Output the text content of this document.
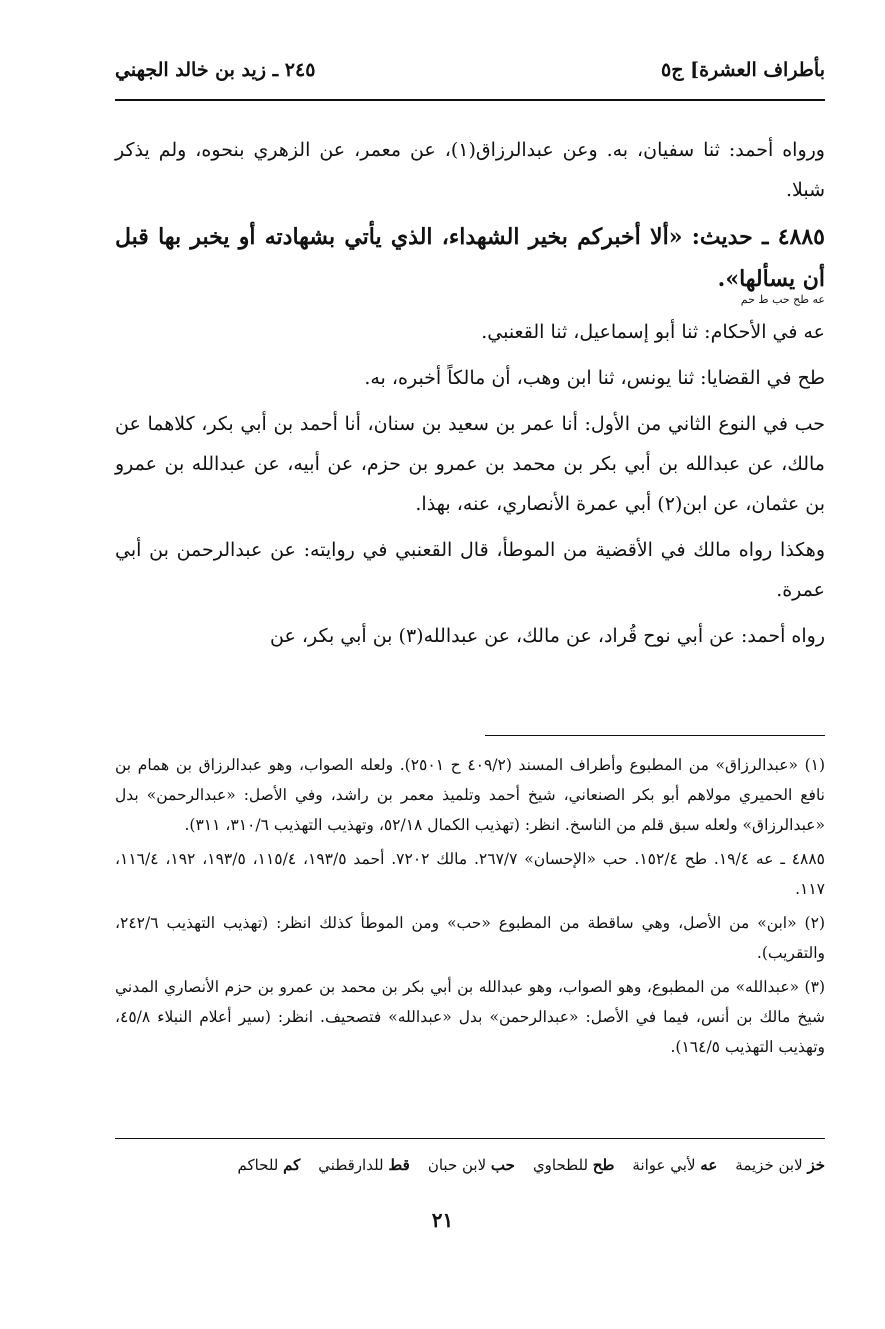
بأطراف العشرة] ج٥
٢٤٥ ـ زيد بن خالد الجهني

ورواه أحمد: ثنا سفيان، به. وعن عبدالرزاق(١)، عن معمر، عن الزهري بنحوه، ولم يذكر شبلا.

٤٨٨٥ ـ حديث: «ألا أخبركم بخير الشهداء، الذي يأتي بشهادته أو يخبر بها قبل أن يسألها».
عه طح حب ط حم

عه في الأحكام: ثنا أبو إسماعيل، ثنا القعنبي.

طح في القضايا: ثنا يونس، ثنا ابن وهب، أن مالكاً أخبره، به.

حب في النوع الثاني من الأول: أنا عمر بن سعيد بن سنان، أنا أحمد بن أبي بكر، كلاهما عن مالك، عن عبدالله بن أبي بكر بن محمد بن عمرو بن حزم، عن أبيه، عن عبدالله بن عمرو بن عثمان، عن ابن(٢) أبي عمرة الأنصاري، عنه، بهذا.

وهكذا رواه مالك في الأقضية من الموطأ، قال القعنبي في روايته: عن عبدالرحمن بن أبي عمرة.

رواه أحمد: عن أبي نوح قُراد، عن مالك، عن عبدالله(٣) بن أبي بكر، عن

(١) «عبدالرزاق» من المطبوع وأطراف المسند (٤٠٩/٢ ح ٢٥٠١). ولعله الصواب، وهو عبدالرزاق بن همام بن نافع الحميري مولاهم أبو بكر الصنعاني، شيخ أحمد وتلميذ معمر بن راشد، وفي الأصل: «عبدالرحمن» بدل «عبدالرزاق» ولعله سبق قلم من الناسخ. انظر: (تهذيب الكمال ٥٢/١٨، وتهذيب التهذيب ٣١٠/٦، ٣١١).

٤٨٨٥ ـ عه ١٩/٤. طح ١٥٢/٤. حب «الإحسان» ٢٦٧/٧. مالك ٧٢٠٢. أحمد ١٩٣/٥، ١١٥/٤، ١٩٣/٥، ١٩٢، ١١٦/٤، ١١٧.

(٢) «ابن» من الأصل، وهي ساقطة من المطبوع «حب» ومن الموطأ كذلك انظر: (تهذيب التهذيب ٢٤٢/٦، والتقريب).

(٣) «عبدالله» من المطبوع، وهو الصواب، وهو عبدالله بن أبي بكر بن محمد بن عمرو بن حزم الأنصاري المدني شيخ مالك بن أنس، فيما في الأصل: «عبدالرحمن» بدل «عبدالله» فتصحيف. انظر: (سير أعلام النبلاء ٤٥/٨، وتهذيب التهذيب ١٦٤/٥).

خز لابن خزيمة
عه لأبي عوانة
طح للطحاوي
حب لابن حبان
قط للدارقطني
كم للحاكم
٢١
